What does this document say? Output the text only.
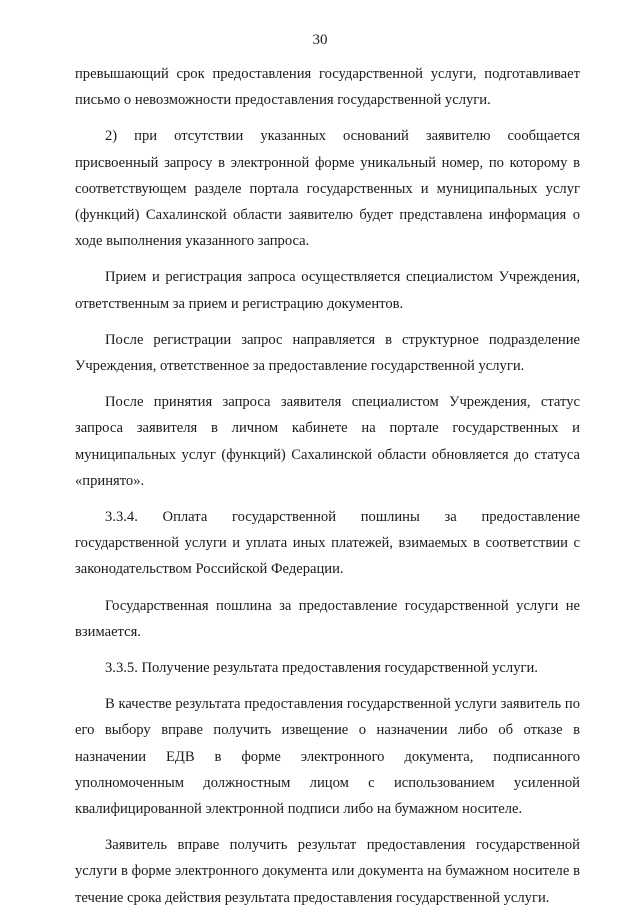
30

превышающий срок предоставления государственной услуги, подготавливает письмо о невозможности предоставления государственной услуги.

2) при отсутствии указанных оснований заявителю сообщается присвоенный запросу в электронной форме уникальный номер, по которому в соответствующем разделе портала государственных и муниципальных услуг (функций) Сахалинской области заявителю будет представлена информация о ходе выполнения указанного запроса.

Прием и регистрация запроса осуществляется специалистом Учреждения, ответственным за прием и регистрацию документов.

После регистрации запрос направляется в структурное подразделение Учреждения, ответственное за предоставление государственной услуги.

После принятия запроса заявителя специалистом Учреждения, статус запроса заявителя в личном кабинете на портале государственных и муниципальных услуг (функций) Сахалинской области обновляется до статуса «принято».

3.3.4. Оплата государственной пошлины за предоставление государственной услуги и уплата иных платежей, взимаемых в соответствии с законодательством Российской Федерации.

Государственная пошлина за предоставление государственной услуги не взимается.

3.3.5. Получение результата предоставления государственной услуги.

В качестве результата предоставления государственной услуги заявитель по его выбору вправе получить извещение о назначении либо об отказе в назначении ЕДВ в форме электронного документа, подписанного уполномоченным должностным лицом с использованием усиленной квалифицированной электронной подписи либо на бумажном носителе.

Заявитель вправе получить результат предоставления государственной услуги в форме электронного документа или документа на бумажном носителе в течение срока действия результата предоставления государственной услуги.
